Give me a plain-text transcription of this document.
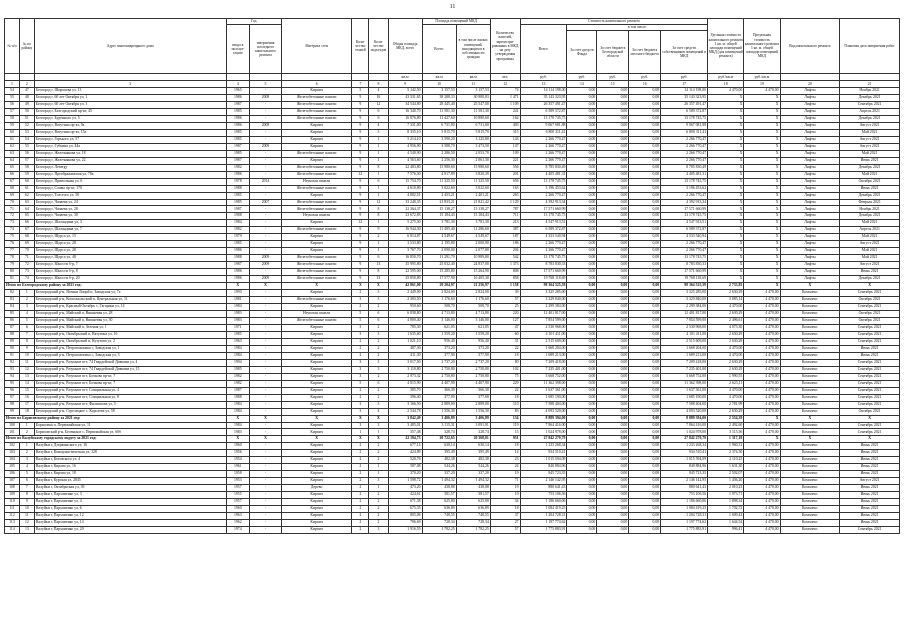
11
№ п/п	№ по району	Адрес многоквартирного дома	Год		Материал стен	Коли-чество этажей	Коли-чество подъездов	Общая площадь МКД, всего	Площадь помещений МКД		Количество жителей, зарегистри-рованных в МКД на дату утверждения программы	Стоимость капитального ремонта					Удельная стоимость капитального ремонта 1 кв. м. общей площади помещений МКД (для помещений ремонта)	Предельная стоимость капитального ремонта 1 кв. м. общей площади помещений МКД	Вид капитального ремонта	Плановая дата завершения работ
			ввода в эксплуа-тацию	завершения последнего капитального ремонта					Всего:	в том числе жилых помещений, находящихся в собственности граждан		Всего:	в том числе:							
													За счет средств Фонда	За счет бюджета Белгородской области	За счет бюджета местного бюджета	За счет средств собственников помещений в МКД				
								кв.м	кв.м	кв.м	чел.	руб.	руб.	руб.	руб.	руб.	руб./кв.м	руб./кв.м		
1	2	3	4	5	6	7	8	9	10	11	12	13	14	15	16	17	18	19	20	21
54	47	Белгород г, Широкова ул, 13	1965	-	Кирпич	5	4	5 142,50	3 157,53	3 157,53	74	14 114 198,00	0,00	0,00	0,00	14 114 198,00	4 470,00	4 470,00	Лифты	Ноябрь 2021
55	48	Белгород г, 60 лет Октября ул, 1	1986	2008	Железобетонные панели	9	16	43 331,65	38 288,33	30 980,83	1 471	35 143 323,95	0,00	0,00	0,00	35 143 323,95	X	X	Лифты	Декабрь 2021
56	49	Белгород г, 60 лет Октября ул, 3	1987	-	Железобетонные панели	9	12	34 544,80	28 445,40	25 547,00	1 109	26 357 491,47	0,00	0,00	0,00	26 357 491,47	X	X	Лифты	Сентябрь 2021
57	50	Белгород г, Белгородский пр-кт, 45	1985	-	Железобетонные панели	9	6	16 340,70	11 581,30	11 581,30	241	6 589 372,87	0,00	0,00	0,00	6 589 372,87	X	X	Лифты	Апрель 2021
58	51	Белгород г, Буденного ул, 5	1986	-	Железобетонные панели	9	6	16 876,80	11 427,60	10 880,60	162	13 178 745,75	0,00	0,00	0,00	13 178 745,75	X	X	Лифты	Декабрь 2021
59	52	Белгород г, Ватутина пр-кт, 9а	1986	2008	Кирпич	9	4	7 331,00	6 731,00	6 731,00	403	9 067 081,88	0,00	0,00	0,00	9 067 081,88	X	X	Лифты	Август 2021
60	53	Белгород г, Ватутина пр-кт, 15а	1985	-	Кирпич	9	3	8 335,10	5 815,70	5 815,70	315	6 800 311,41	0,00	0,00	0,00	6 800 311,41	X	X	Лифты	Май 2021
61	54	Белгород г, Горького ул, 57	1985	-	Кирпич	9	1	5 214,10	3 590,20	3 125,80	143	2 266 770,47	0,00	0,00	0,00	2 266 770,47	X	X	Лифты	Август 2021
62	55	Белгород г, Губкина ул, 44а	1987	2009	Кирпич	9	1	4 956,90	3 588,70	3 473,50	147	2 266 770,47	0,00	0,00	0,00	2 266 770,47	X	X	Лифты	Август 2021
63	56	Белгород г, Железнякова ул, 18	1985	-	Железобетонные панели	9	1	4 540,90	2 286,50	2 053,70	109	2 266 770,47	0,00	0,00	0,00	2 266 770,47	X	X	Лифты	Май 2021
64	57	Белгород г, Железнякова ул, 22	1987	-	Кирпич	9	1	4 563,60	2 256,30	2 061,30	221	2 266 770,47	0,00	0,00	0,00	2 266 770,47	X	X	Лифты	Июнь 2021
65	58	Белгород г, Лenergy	1982	-	Железобетонные панели	9	8	22 483,80	15 980,60	15 980,60	556	8 785 830,49	0,00	0,00	0,00	8 785 830,49	X	X	Лифты	Декабрь 2021
66	59	Белгород г, Преображенская ул, 78а	1986	-	Железобетонные панели	12	1	7 576,30	4 817,89	3 820,39	201	4 405 481,31	0,00	0,00	0,00	4 405 481,31	X	X	Лифты	Май 2021
67	60	Белгород г, Привольная ул, 6	1978	2014	Неуказан панели	9	6	15 754,70	11 325,50	11 325,50	656	13 178 745,75	0,00	0,00	0,00	13 178 745,75	X	X	Лифты	Октябрь 2021
68	61	Белгород г, Славы пр-кт, 170	1988	-	Железобетонные панели	9	1	4 610,80	3 022,60	3 022,60	163	3 196 453,62	0,00	0,00	0,00	3 196 453,62	X	X	Лифты	Июнь 2021
69	62	Белгород г, Толстого ул, 50	1985	-	Кирпич	9	1	4 082,51	2 453,21	2 401,21	265	2 266 770,47	0,00	0,00	0,00	2 266 770,47	X	X	Лифты	Декабрь 2021
70	63	Белгород г, Чапаева ул, 24	1985	2007	Железобетонные панели	9	12	33 240,35	21 833,21	21 821,42	1 129	4 392 913,34	0,00	0,00	0,00	4 392 913,34	X	X	Лифты	Февраль 2021
71	64	Белгород г, Чапаева ул, 28	1987	-	Железобетонные панели	9	8	22 364,37	15 138,27	15 138,27	787	17 571 660,99	0,00	0,00	0,00	17 571 660,99	X	X	Лифты	Ноябрь 2021
72	65	Белгород г, Чапаева ул, 30	1988	-	Неуказан панели	9	8	23 672,83	15 184,43	15 184,43	711	13 178 745,75	0,00	0,00	0,00	13 178 745,75	X	X	Лифты	Декабрь 2021
73	66	Белгород г, Шаландина ул, 3	1984	-	Кирпич	12	1	5 275,30	3 781,30	3 781,30	213	4 547 913,51	0,00	0,00	0,00	4 547 913,51	X	X	Лифты	Май 2021
74	67	Белгород г, Шаландина ул, 7	1982	-	Железобетонные панели	9	9	16 944,30	11 495,40	11 286,60	387	6 589 372,87	0,00	0,00	0,00	6 589 372,87	X	X	Лифты	Апрель 2021
75	68	Белгород г, Щорса ул, 15	1979	-	Кирпич	9	2	6 814,87	4 549,67	4 549,67	187	4 533 540,94	0,00	0,00	0,00	4 533 540,94	X	X	Лифты	Май 2021
76	69	Белгород г, Щорса ул, 28	1985	-	Кирпич	9	1	3 533,80	2 195,80	2 000,90	186	2 266 770,47	0,00	0,00	0,00	2 266 770,47	X	X	Лифты	Август 2021
77	70	Белгород г, Щорса ул, 28	1986	-	Кирпич	9	1	3 767,70	2 090,00	2 077,80	204	2 266 770,47	0,00	0,00	0,00	2 266 770,47	X	X	Лифты	Май 2021
78	71	Белгород г, Щорса ул, 48	1988	2009	Железобетонные панели	9	6	16 850,70	11 291,70	10 989,80	542	13 178 745,75	0,00	0,00	0,00	13 178 745,75	X	X	Лифты	Май 2021
79	72	Белгород г, Юности б-р, 7	1987	2009	Железобетонные панели	9	13	35 995,80	25 032,40	24 837,00	1 373	8 783 830,33	0,00	0,00	0,00	8 783 830,33	X	X	Лифты	Август 2021
80	73	Белгород г, Юности б-р, 8	1986	-	Железобетонные панели	9	8	22 595,00	15 285,80	15 264,90	808	17 571 660,99	0,00	0,00	0,00	17 571 660,99	X	X	Лифты	Июнь 2021
81	74	Белгород г, Юности б-р, 20	1986	2009	Железобетонные панели	9	13	25 850,80	17 577,90	16 405,30	858	19 768 118,69	0,00	0,00	0,00	19 768 118,69	X	X	Лифты	Декабрь 2021
Итого по Белгородскому району за 2021 год:			X	X	X	X	X	42 861,00	29 204,97	21 256,97	1 158	98 364 525,59	0,00	0,00	0,00	98 364 525,59	2 733,85	X	X	X
82	1	Белгородский р-н, Ясенки Лоций п, Заводская ул, 7а	1993	-	Кирпич	2	3	2 449,00	2 824,00	2 824,00	39	3 325 285,00	0,00	0,00	0,00	3 325 285,00	2 630,29	4 470,00	Комплекс	Сентябрь 2021
83	2	Белгородский р-н, Комсомольский п, Центральная ул, 11	1981	-	Железобетонные панели	3	3	2 383,50	1 176,60	1 176,60	57	3 329 840,00	0,00	0,00	0,00	3 329 840,00	3 085,14	4 470,00	Комплекс	Октябрь 2021
84	3	Белгородский р-н, Красный Октябрь с, Гагарина ул, 14	1984	-	Кирпич	2	2	950,60	508,70	508,70	25	2 299 384,00	0,00	0,00	0,00	2 299 384,00	4 470,00	4 470,00	Комплекс	Сентябрь 2021
85	4	Белгородский р-н, Майский п, Вишневая ул, 28	1983	-	Неуказан панели	5	6	6 838,80	4 713,80	4 713,80	220	12 401 817,00	0,00	0,00	0,00	12 401 817,00	2 630,29	4 470,00	Комплекс	Октябрь 2021
86	5	Белгородский р-н, Майский п, Вишневая ул, 30	1983	-	Железобетонные панели	5	6	4 800,40	3 146,00	3 146,00	127	7 854 599,00	0,00	0,00	0,00	7 854 599,00	2 496,61	4 470,00	Комплекс	Октябрь 2021
87	6	Белгородский р-н, Майский п, Зеленая ул, 1	1971	-	Кирпич	3	2	785,30	621,05	621,05	47	2 530 968,00	0,00	0,00	0,00	2 530 968,00	4 075,30	4 470,00	Комплекс	Сентябрь 2021
88	7	Белгородский р-н, Октябрьский п, Ватутина ул, 16	1985	-	Кирпич	3	3	1 635,60	1 559,20	1 559,20	60	4 101 411,00	0,00	0,00	0,00	4 101 411,00	2 630,29	4 470,00	Комплекс	Сентябрь 2021
89	8	Белгородский р-н, Октябрьский п, Кутузова ул, 2	1963	-	Кирпич	2	2	1 021,10	956,40	956,40	31	2 515 609,00	0,00	0,00	0,00	2 515 609,00	2 630,29	4 470,00	Комплекс	Сентябрь 2021
90	9	Белгородский р-н, Петропавловка с, Заводская ул, 1	1984	-	Кирпич	2	2	487,30	373,20	373,20	22	1 668 204,00	0,00	0,00	0,00	1 668 204,00	4 470,00	4 470,00	Комплекс	Июнь 2021
91	10	Белгородский р-н, Петропавловка с, Заводская ул, 3	1984	-	Кирпич	2	2	411,30	377,90	377,90	18	1 689 213,00	0,00	0,00	0,00	1 689 213,00	4 470,00	4 470,00	Комплекс	Июнь 2021
92	11	Белгородский р-н, Разумное пгт, 74 Гвардейской Дивизии ул, 4	1994	-	Кирпич	3	3	3 017,50	2 737,20	2 737,20	80	7 209 418,00	0,00	0,00	0,00	7 209 418,00	2 630,29	4 470,00	Комплекс	Сентябрь 2021
93	12	Белгородский р-н, Разумное пгт, 74 Гвардейской Дивизии ул, 15	1985	-	Кирпич	3	3	3 110,80	2 750,80	2 750,80	102	7 235 401,00	0,00	0,00	0,00	7 235 401,00	2 630,29	4 470,00	Комплекс	Сентябрь 2021
94	13	Белгородский р-н, Разумное пгт, Бочкова пр-кт, 7	1982	-	Кирпич	3	2	2 973,32	2 750,80	2 750,80	75	3 668 752,00	0,00	0,00	0,00	3 668 752,00	1 990,55	4 470,00	Комплекс	Сентябрь 2021
95	14	Белгородский р-н, Разумное пгт, Бочкова пр-кт, 7	1982	-	Кирпич	5	6	4 815,90	4 407,90	4 407,90	229	11 362 398,00	0,00	0,00	0,00	11 362 398,00	2 623,11	4 470,00	Комплекс	Сентябрь 2021
96	15	Белгородский р-н, Разумное пгт, Спициальная ул, 4	1987	-	Кирпич	2	2	385,70	366,30	366,30	22	1 637 361,00	0,00	0,00	0,00	1 637 361,00	4 470,00	4 470,00	Комплекс	Сентябрь 2021
97	16	Белгородский р-н, Разумное пгт, Спициальная ул, 8	1988	-	Кирпич	2	2	396,40	377,00	377,00	18	1 685 190,00	0,00	0,00	0,00	1 685 190,00	4 470,00	4 470,00	Комплекс	Сентябрь 2021
98	17	Белгородский р-н, Разумное пгт, Филиппова ул, 5	1984	-	Кирпич	3	3	3 166,50	2 889,00	2 889,00	110	7 588 404,00	0,00	0,00	0,00	7 588 404,00	2 781,99	4 470,00	Комплекс	Сентябрь 2021
99	18	Белгородский р-н, Стрелецкое с, Королева ул, 58	1984	-	Кирпич	3	4	2 544,78	1 556,30	1 556,30	83	4 093 520,00	0,00	0,00	0,00	4 093 520,00	2 630,29	4 470,00	Комплекс	Октябрь 2021
Итого по Борисовскому району за 2021 год:			X	X	X	X	X	3 842,49	3 406,89	3 406,89	134	8 889 394,00	0,00	0,00	0,00	8 889 394,00	2 554,39	X	X	X
100	1	Борисовка п, Первомайская ул, 11	1984	-	Кирпич	3	3	3 485,01	3 115,31	3 091,91	119	7 864 416,00	0,00	0,00	0,00	7 864 416,00	2 492,60	4 470,00	Комплекс	Сентябрь 2021
101	2	Борисовский р-н, Беленькое с, Первомайская ул, 60б	1983	-	Кирпич	1	1	357,48	328,74	328,74	15	1 024 978,00	0,00	0,00	0,00	1 024 978,00	3 115,56	4 470,00	Комплекс	Сентябрь 2021
Итого по Валуйскому городскому округу за 2021 год:			X	X	X	X	X	22 194,73	20 722,65	20 368,01	951	27 842 270,79	0,00	0,00	0,00	27 842 270,79	1 317,18	X	X	X
102	1	Валуйки г, Дзержинского ул, 16	1960	-	Кирпич	2	2	677,14	630,14	630,14	18	1 233 268,34	0,00	0,00	0,00	1 233 268,34	1 960,31	4 470,00	Комплекс	Июнь 2021
103	2	Валуйки г, Коммунистическая ул, 128	1956	-	Кирпич	2	2	424,89	395,49	395,49	14	934 510,41	0,00	0,00	0,00	934 510,41	2 374,50	4 470,00	Комплекс	Июнь 2021
104	3	Валуйки г, Котовского ул, 4	1954	-	Кирпич	2	2	520,76	482,38	482,38	23	1 015 594,09	0,00	0,00	0,00	1 015 594,09	2 110,25	4 470,00	Комплекс	Июнь 2021
105	4	Валуйки г, Кирова ул, 16	1961	-	Кирпич	2	1	587,08	544,26	544,26	24	840 884,96	0,00	0,00	0,00	840 884,96	1 631,30	4 470,00	Комплекс	Июнь 2021
106	5	Валуйки г, Кирова ул, 18	1958	-	Кирпич	2	1	370,20	337,20	337,20	19	845 723,35	0,00	0,00	0,00	845 723,35	2 502,07	4 470,00	Комплекс	Июнь 2021
107	6	Валуйки г, Курская ул, 2845	1953	-	Кирпич	2	3	1 598,72	1 494,32	1 494,32	71	2 146 142,95	0,00	0,00	0,00	2 146 142,95	1 436,20	4 470,00	Комплекс	Август 2021
108	7	Валуйки г, Октябрьская ул, 39	1957	-	Дерево	2	1	473,20	438,88	438,88	19	880 641,43	0,00	0,00	0,00	880 641,43	2 010,23	4 470,00	Комплекс	Июнь 2021
109	8	Валуйки г, Пархоменко ул, 3	1955	-	Кирпич	2	2	424,61	381,57	381,57	19	753 106,56	0,00	0,00	0,00	753 106,56	1 973,71	4 470,00	Комплекс	Июнь 2021
110	9	Валуйки г, Пархоменко ул, 4	1957	-	Кирпич	2	2	671,38	625,80	625,80	34	1 186 660,06	0,00	0,00	0,00	1 186 660,06	1 898,34	4 470,00	Комплекс	Июнь 2021
111	10	Валуйки г, Пархоменко ул, 6	1960	-	Кирпич	2	2	675,35	636,89	636,89	18	1 084 419,25	0,00	0,00	0,00	1 084 419,25	1 702,72	4 470,00	Комплекс	Июнь 2021
112	11	Валуйки г, Пархоменко ул, 12	1963	-	Кирпич	2	2	805,06	748,55	748,55	37	1 204 728,31	0,00	0,00	0,00	1 204 728,31	1 609,42	4 470,00	Комплекс	Июнь 2021
113	12	Валуйки г, Пархоменко ул, 14	1962	-	Кирпич	2	2	786,69	728,34	728,34	27	1 197 774,62	0,00	0,00	0,00	1 197 774,62	1 644,54	4 470,00	Комплекс	Июнь 2021
114	13	Валуйки г, Пархоменко ул, 20	1974	-	Кирпич	2	3	1 916,55	1 782,25	1 782,25	57	1 775 883,91	0,00	0,00	0,00	1 775 883,91	996,41	4 470,00	Комплекс	Сентябрь 2021
